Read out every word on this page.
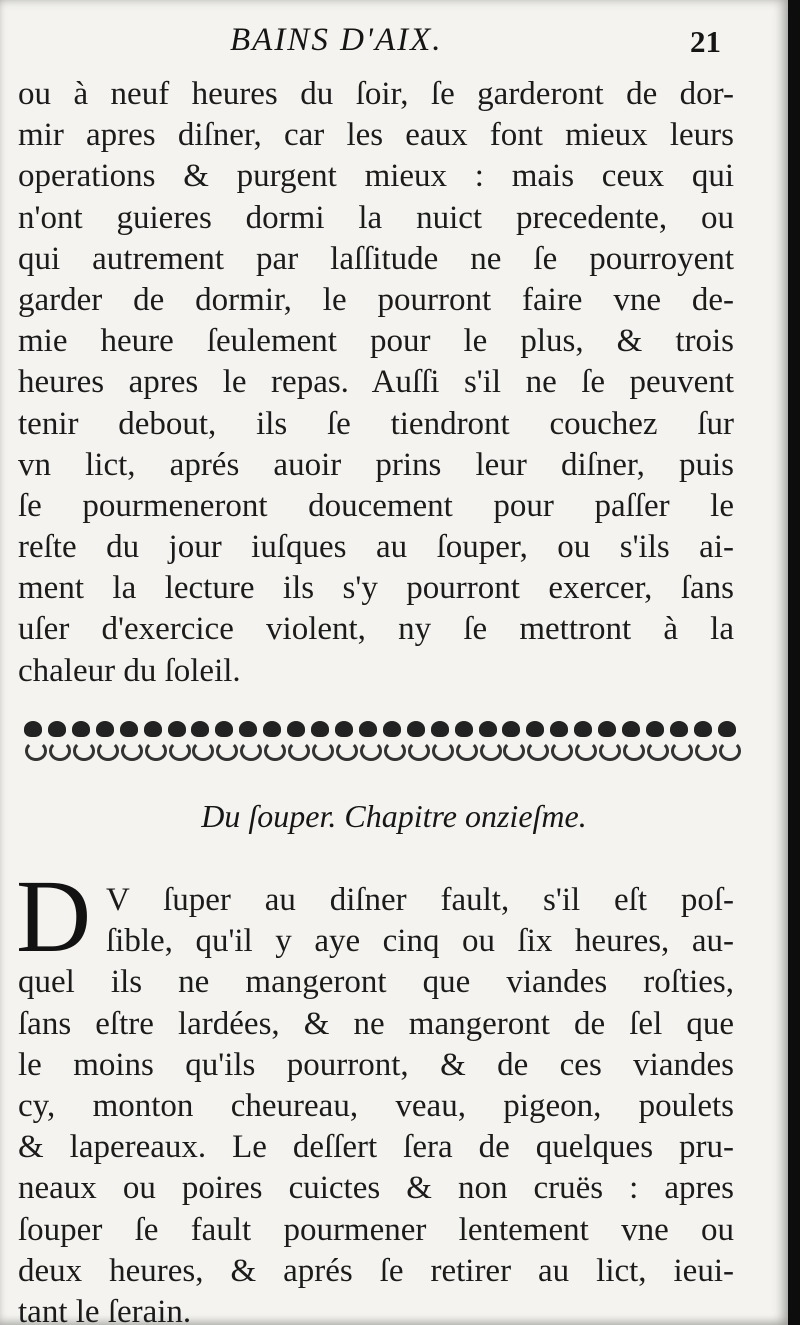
BAINS D'AIX.	21
ou à neuf heures du ſoir, ſe garderont de dor-
mir apres diſner, car les eaux font mieux leurs
operations & purgent mieux : mais ceux qui
n'ont guieres dormi la nuict precedente, ou
qui autrement par laſſitude ne ſe pourroyent
garder de dormir, le pourront faire vne de-
mie heure ſeulement pour le plus, & trois
heures apres le repas. Auſſi s'il ne ſe peuvent
tenir debout, ils ſe tiendront couchez ſur
vn lict, aprés auoir prins leur diſner, puis
ſe pourmeneront doucement pour paſſer le
reſte du jour iuſques au ſouper, ou s'ils ai-
ment la lecture ils s'y pourront exercer, ſans
uſer d'exercice violent, ny ſe mettront à la
chaleur du ſoleil.
Du ſouper. Chapitre onzieſme.
D V ſuper au diſner fault, s'il eſt poſ-
ſible, qu'il y aye cinq ou ſix heures, au-
quel ils ne mangeront que viandes roſties,
ſans eſtre lardées, & ne mangeront de ſel que
le moins qu'ils pourront, & de ces viandes
cy, monton cheureau, veau, pigeon, poulets
& lapereaux. Le deſſert ſera de quelques pru-
neaux ou poires cuictes & non cruës : apres
ſouper ſe fault pourmener lentement vne ou
deux heures, & aprés ſe retirer au lict, ieui-
tant le ſerain.
